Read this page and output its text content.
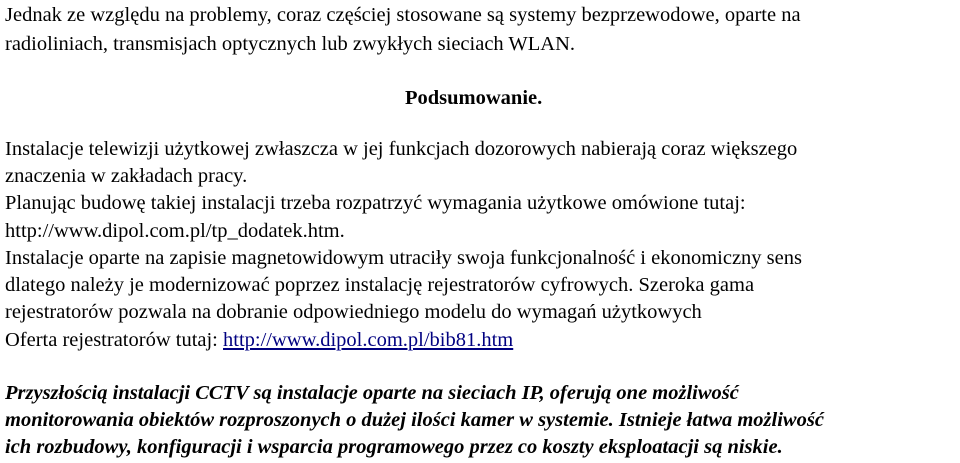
Jednak ze względu na problemy, coraz częściej stosowane są systemy bezprzewodowe, oparte na
radioliniach, transmisjach optycznych lub zwykłych sieciach WLAN.
Podsumowanie.
Instalacje telewizji użytkowej zwłaszcza w jej funkcjach dozorowych nabierają coraz większego
znaczenia w zakładach pracy.
Planując budowę takiej instalacji trzeba rozpatrzyć wymagania użytkowe omówione tutaj:
http://www.dipol.com.pl/tp_dodatek.htm.
Instalacje oparte na zapisie magnetowidowym utraciły swoja funkcjonalność i ekonomiczny sens
dlatego należy je modernizować poprzez instalację rejestratorów cyfrowych. Szeroka gama
rejestratorów pozwala na dobranie odpowiedniego modelu do wymagań użytkowych
Oferta rejestratorów tutaj: http://www.dipol.com.pl/bib81.htm
Przyszłością instalacji CCTV są instalacje oparte na sieciach IP, oferują one możliwość
monitorowania obiektów rozproszonych o dużej ilości kamer w systemie. Istnieje łatwa możliwość
ich rozbudowy, konfiguracji i wsparcia programowego przez co koszty eksploatacji są niskie.
